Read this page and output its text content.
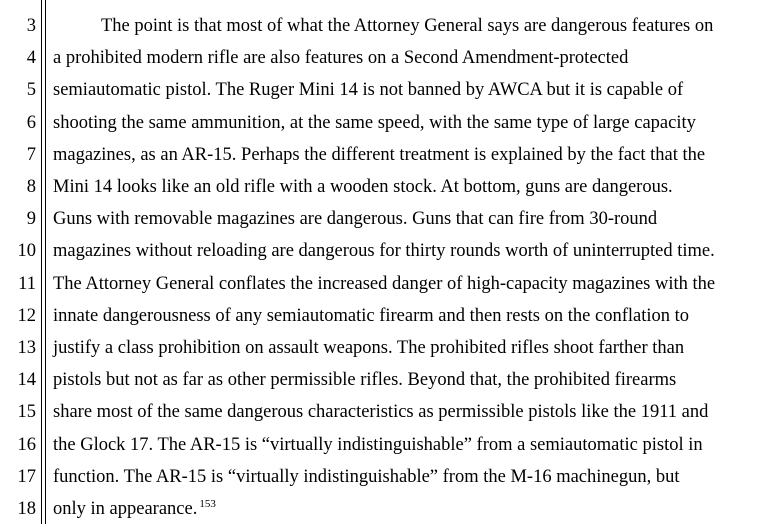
3
4
5
6
7
8
9
10
11
12
13
14
15
16
17
18
The point is that most of what the Attorney General says are dangerous features on
a prohibited modern rifle are also features on a Second Amendment-protected
semiautomatic pistol. The Ruger Mini 14 is not banned by AWCA but it is capable of
shooting the same ammunition, at the same speed, with the same type of large capacity
magazines, as an AR-15. Perhaps the different treatment is explained by the fact that the
Mini 14 looks like an old rifle with a wooden stock. At bottom, guns are dangerous.
Guns with removable magazines are dangerous. Guns that can fire from 30-round
magazines without reloading are dangerous for thirty rounds worth of uninterrupted time.
The Attorney General conflates the increased danger of high-capacity magazines with the
innate dangerousness of any semiautomatic firearm and then rests on the conflation to
justify a class prohibition on assault weapons. The prohibited rifles shoot farther than
pistols but not as far as other permissible rifles. Beyond that, the prohibited firearms
share most of the same dangerous characteristics as permissible pistols like the 1911 and
the Glock 17. The AR-15 is “virtually indistinguishable” from a semiautomatic pistol in
function. The AR-15 is “virtually indistinguishable” from the M-16 machinegun, but
only in appearance. $^{153}$
